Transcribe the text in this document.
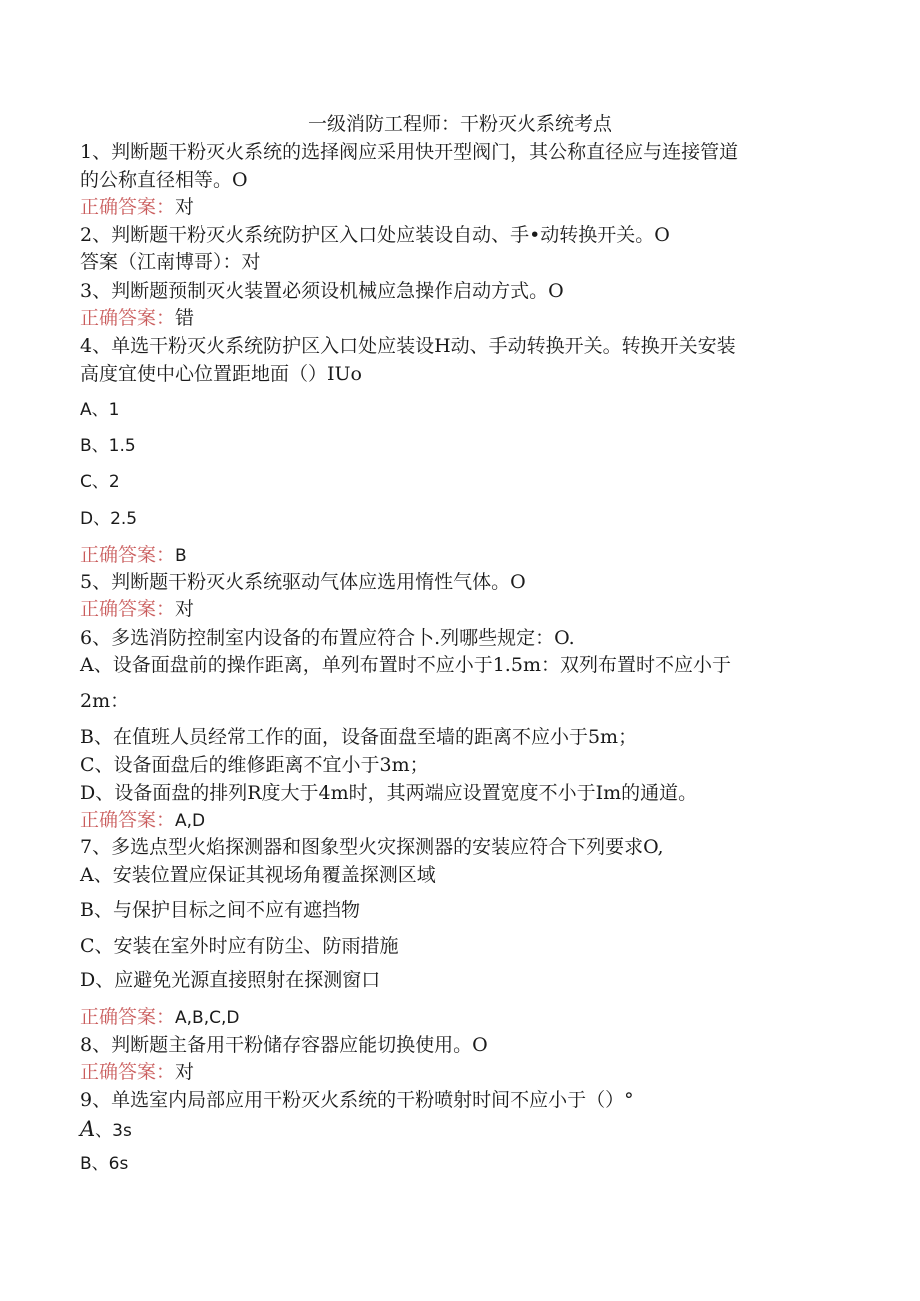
一级消防工程师：干粉灭火系统考点
1、判断题干粉灭火系统的选择阀应采用快开型阀门，其公称直径应与连接管道
的公称直径相等。O
正确答案：对
2、判断题干粉灭火系统防护区入口处应装设自动、手•动转换开关。O
答案（江南博哥）：对
3、判断题预制灭火装置必须设机械应急操作启动方式。O
正确答案：错
4、单选干粉灭火系统防护区入口处应装设H动、手动转换开关。转换开关安装
高度宜使中心位置距地面（）IUo
A、1
B、1.5
C、2
D、2.5
正确答案：B
5、判断题干粉灭火系统驱动气体应选用惰性气体。O
正确答案：对
6、多选消防控制室内设备的布置应符合卜.列哪些规定：O.
A、设备面盘前的操作距离，单列布置时不应小于1.5m：双列布置时不应小于
2m：
B、在值班人员经常工作的面，设备面盘至墙的距离不应小于5m；
C、设备面盘后的维修距离不宜小于3m；
D、设备面盘的排列R度大于4m时，其两端应设置宽度不小于Im的通道。
正确答案：A,D
7、多选点型火焰探测器和图象型火灾探测器的安装应符合下列要求O,
A、安装位置应保证其视场角覆盖探测区域
B、与保护目标之间不应有遮挡物
C、安装在室外时应有防尘、防雨措施
D、应避免光源直接照射在探测窗口
正确答案：A,B,C,D
8、判断题主备用干粉储存容器应能切换使用。O
正确答案：对
9、单选室内局部应用干粉灭火系统的干粉喷射时间不应小于（）°
A、3s
B、6s
